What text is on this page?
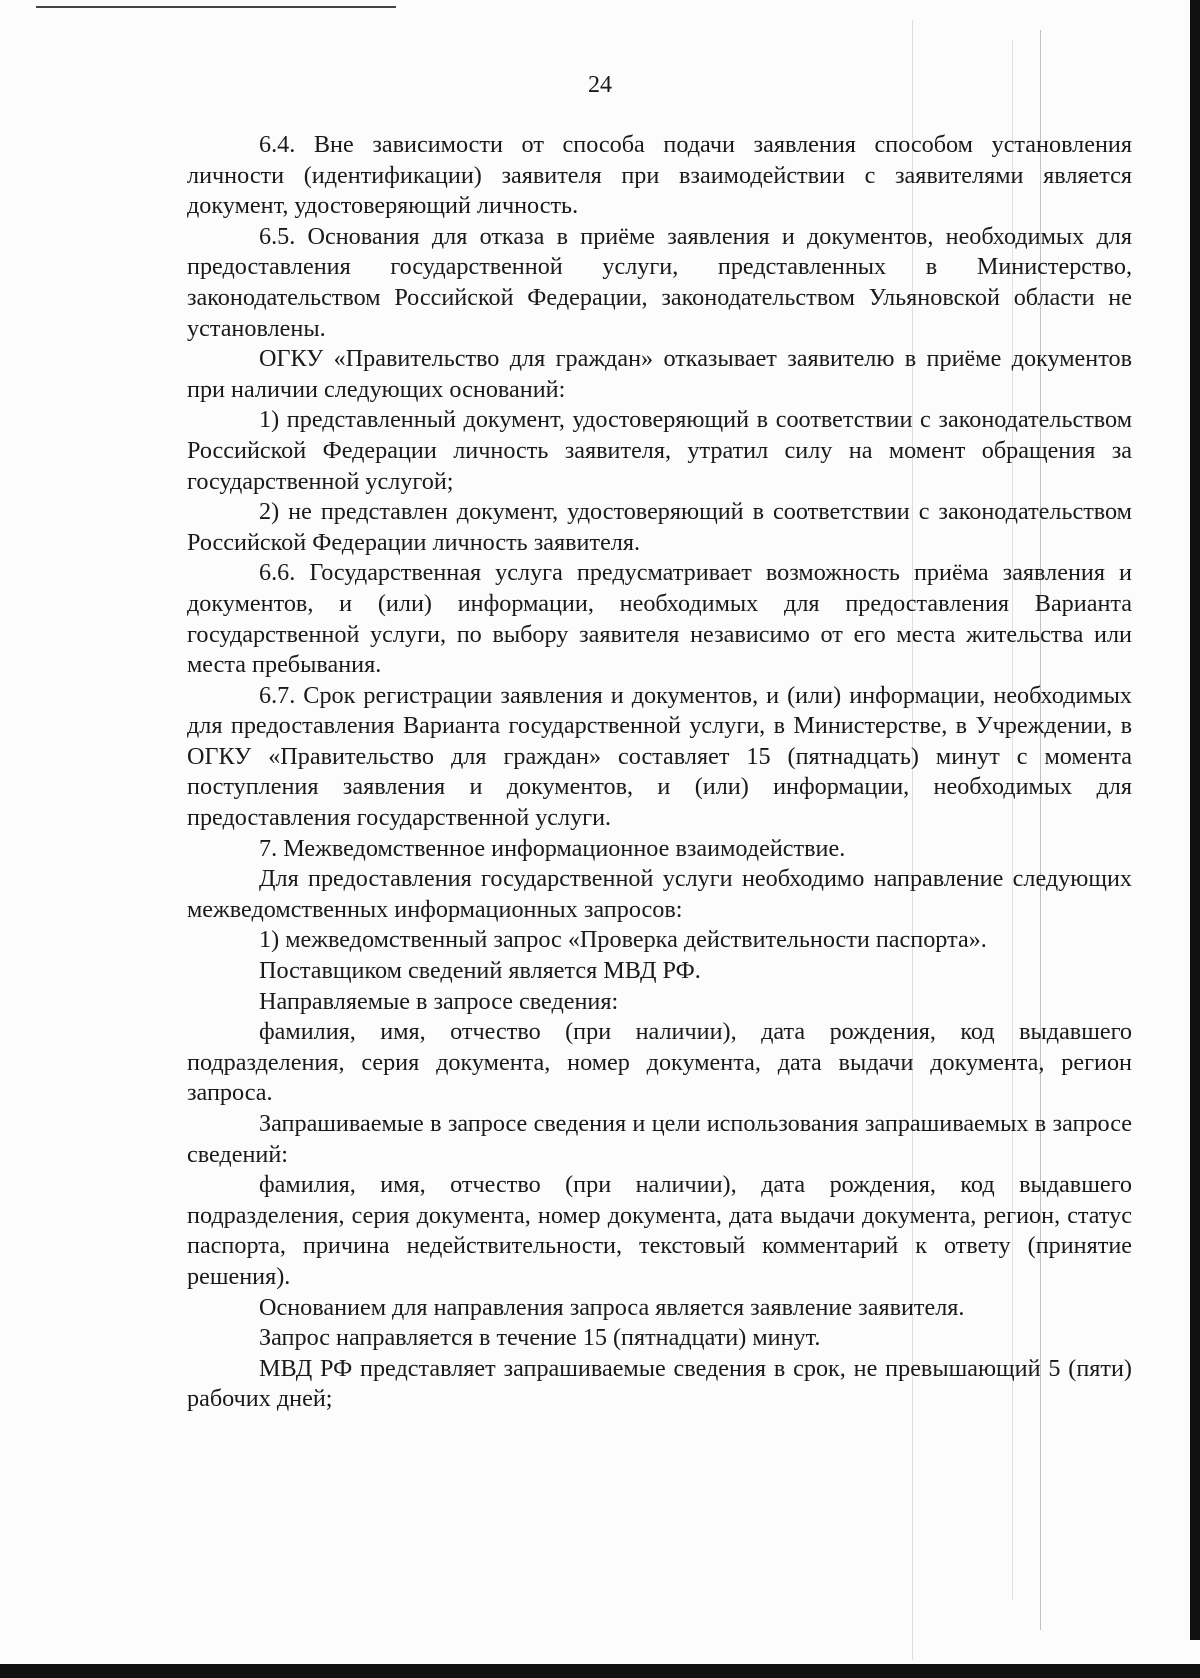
24

6.4. Вне зависимости от способа подачи заявления способом установления личности (идентификации) заявителя при взаимодействии с заявителями является документ, удостоверяющий личность.

6.5. Основания для отказа в приёме заявления и документов, необходимых для предоставления государственной услуги, представленных в Министерство, законодательством Российской Федерации, законодательством Ульяновской области не установлены.

ОГКУ «Правительство для граждан» отказывает заявителю в приёме документов при наличии следующих оснований:

1) представленный документ, удостоверяющий в соответствии с законодательством Российской Федерации личность заявителя, утратил силу на момент обращения за государственной услугой;

2) не представлен документ, удостоверяющий в соответствии с законодательством Российской Федерации личность заявителя.

6.6. Государственная услуга предусматривает возможность приёма заявления и документов, и (или) информации, необходимых для предоставления Варианта государственной услуги, по выбору заявителя независимо от его места жительства или места пребывания.

6.7. Срок регистрации заявления и документов, и (или) информации, необходимых для предоставления Варианта государственной услуги, в Министерстве, в Учреждении, в ОГКУ «Правительство для граждан» составляет 15 (пятнадцать) минут с момента поступления заявления и документов, и (или) информации, необходимых для предоставления государственной услуги.

7. Межведомственное информационное взаимодействие.

Для предоставления государственной услуги необходимо направление следующих межведомственных информационных запросов:

1) межведомственный запрос «Проверка действительности паспорта».

Поставщиком сведений является МВД РФ.

Направляемые в запросе сведения:

фамилия, имя, отчество (при наличии), дата рождения, код выдавшего подразделения, серия документа, номер документа, дата выдачи документа, регион запроса.

Запрашиваемые в запросе сведения и цели использования запрашиваемых в запросе сведений:

фамилия, имя, отчество (при наличии), дата рождения, код выдавшего подразделения, серия документа, номер документа, дата выдачи документа, регион, статус паспорта, причина недействительности, текстовый комментарий к ответу (принятие решения).

Основанием для направления запроса является заявление заявителя.

Запрос направляется в течение 15 (пятнадцати) минут.

МВД РФ представляет запрашиваемые сведения в срок, не превышающий 5 (пяти) рабочих дней;
